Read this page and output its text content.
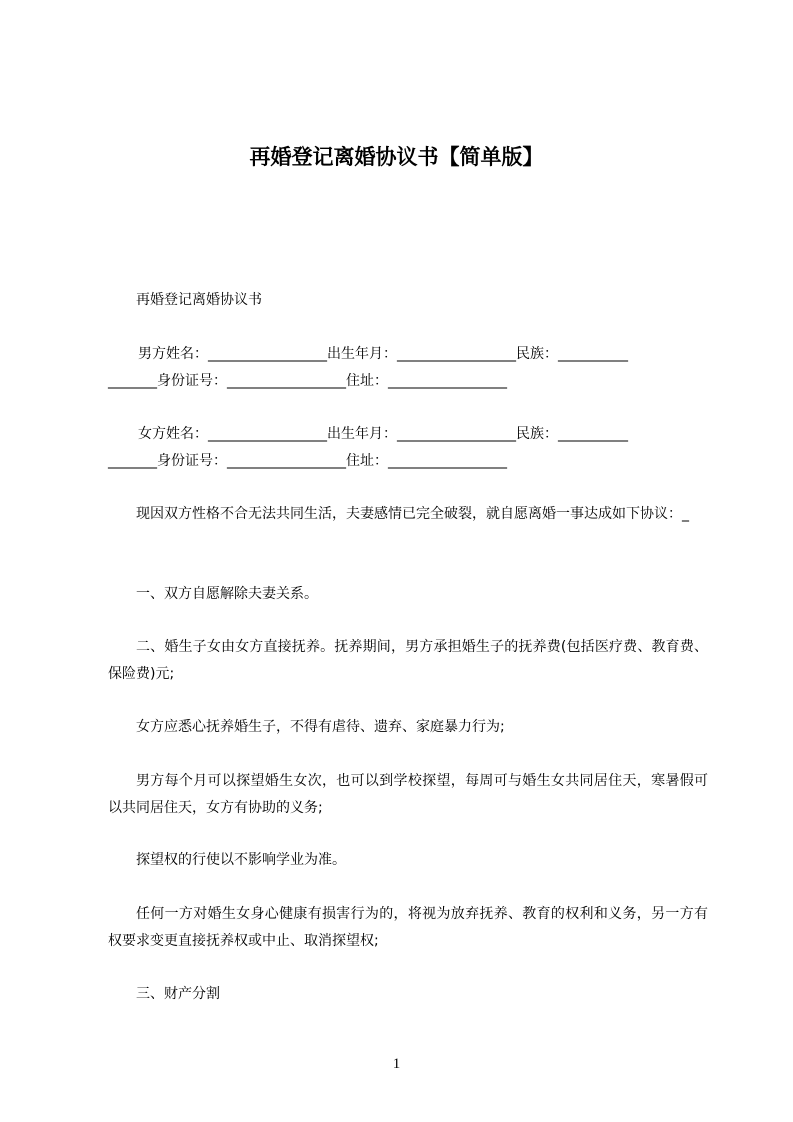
再婚登记离婚协议书【简单版】

再婚登记离婚协议书

男方姓名：_________________出生年月：_________________民族：__________

_______身份证号：_________________住址：_________________

女方姓名：_________________出生年月：_________________民族：__________

_______身份证号：_________________住址：_________________

现因双方性格不合无法共同生活，夫妻感情已完全破裂，就自愿离婚一事达成如下协议：_

一、双方自愿解除夫妻关系。

二、婚生子女由女方直接抚养。抚养期间，男方承担婚生子的抚养费(包括医疗费、教育费、保险费)元;

女方应悉心抚养婚生子，不得有虐待、遗弃、家庭暴力行为;

男方每个月可以探望婚生女次，也可以到学校探望，每周可与婚生女共同居住天，寒暑假可以共同居住天，女方有协助的义务;

探望权的行使以不影响学业为准。

任何一方对婚生女身心健康有损害行为的，将视为放弃抚养、教育的权利和义务，另一方有权要求变更直接抚养权或中止、取消探望权;

三、财产分割

1
